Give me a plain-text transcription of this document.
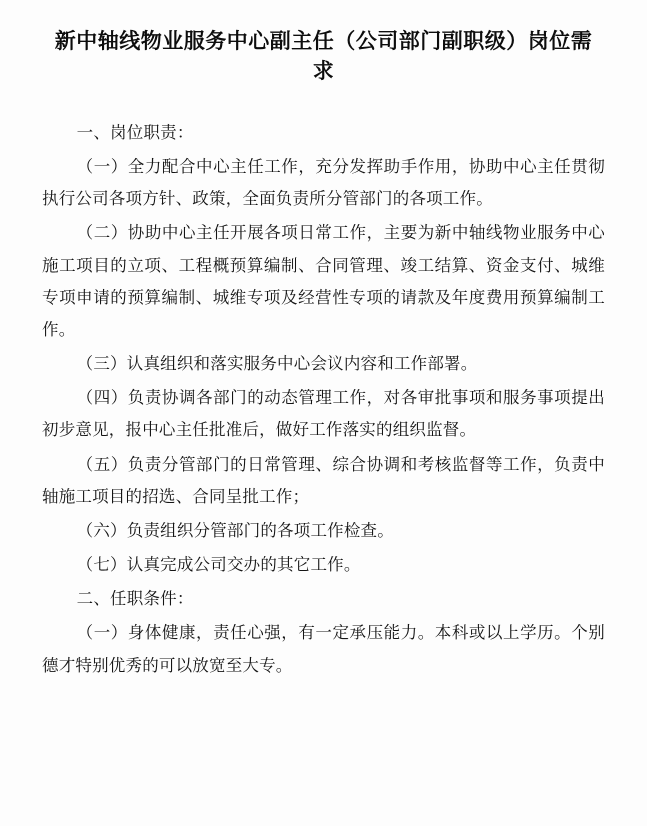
新中轴线物业服务中心副主任（公司部门副职级）岗位需求

一、岗位职责：

（一）全力配合中心主任工作，充分发挥助手作用，协助中心主任贯彻执行公司各项方针、政策，全面负责所分管部门的各项工作。

（二）协助中心主任开展各项日常工作，主要为新中轴线物业服务中心施工项目的立项、工程概预算编制、合同管理、竣工结算、资金支付、城维专项申请的预算编制、城维专项及经营性专项的请款及年度费用预算编制工作。

（三）认真组织和落实服务中心会议内容和工作部署。

（四）负责协调各部门的动态管理工作，对各审批事项和服务事项提出初步意见，报中心主任批准后，做好工作落实的组织监督。

（五）负责分管部门的日常管理、综合协调和考核监督等工作，负责中轴施工项目的招选、合同呈批工作；

（六）负责组织分管部门的各项工作检查。

（七）认真完成公司交办的其它工作。

二、任职条件：

（一）身体健康，责任心强，有一定承压能力。本科或以上学历。个别德才特别优秀的可以放宽至大专。
